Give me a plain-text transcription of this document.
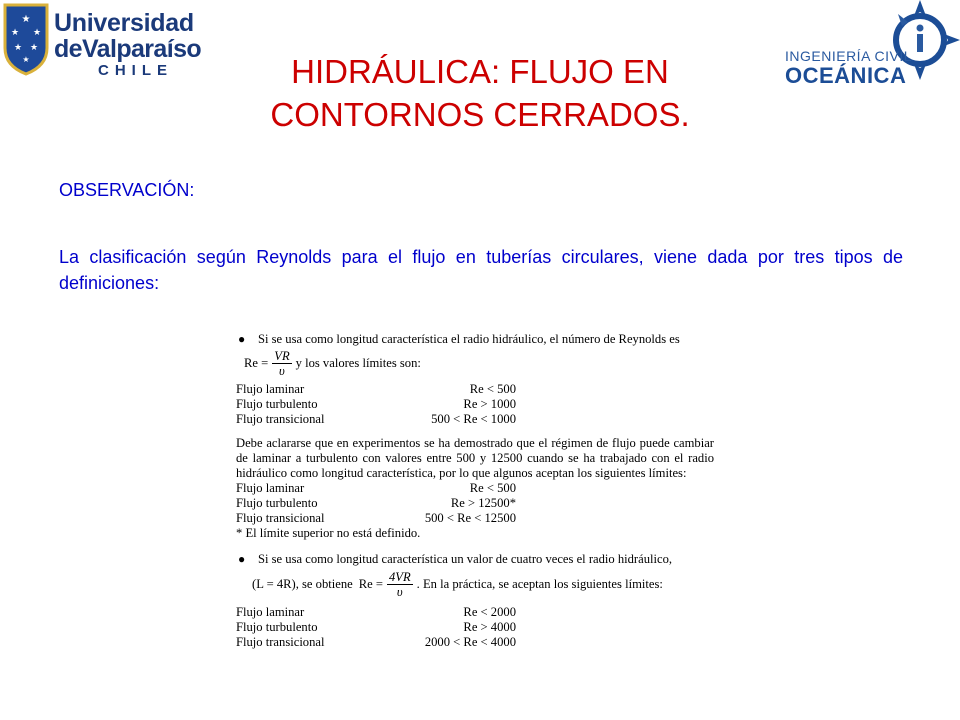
★
★ ★
★ ★
★
Universidad
deValparaíso
CHILE	HIDRÁULICA: FLUJO EN
CONTORNOS CERRADOS.
INGENIERÍA CIVIL
OCEÁNICA
OBSERVACIÓN:
La clasificación según Reynolds para el flujo en tuberías circulares, viene dada por tres tipos de definiciones:
●	Si se usa como longitud característica el radio hidráulico, el número de Reynolds es
$Re = \frac{VR}{\upsilon}$ y los valores límites son:
Flujo laminar	Re < 500
Flujo turbulento	Re > 1000
Flujo transicional	500 < Re < 1000
Debe aclararse que en experimentos se ha demostrado que el régimen de flujo puede cambiar de laminar a turbulento con valores entre 500 y 12500 cuando se ha trabajado con el radio hidráulico como longitud característica, por lo que algunos aceptan los siguientes límites:
Flujo laminar	Re < 500
Flujo turbulento	Re > 12500*
Flujo transicional	500 < Re < 12500
* El límite superior no está definido.
●	Si se usa como longitud característica un valor de cuatro veces el radio hidráulico,
(L = 4R), se obtiene $Re = \frac{4VR}{\upsilon}$ . En la práctica, se aceptan los siguientes límites:
Flujo laminar	Re < 2000
Flujo turbulento	Re > 4000
Flujo transicional	2000 < Re < 4000
